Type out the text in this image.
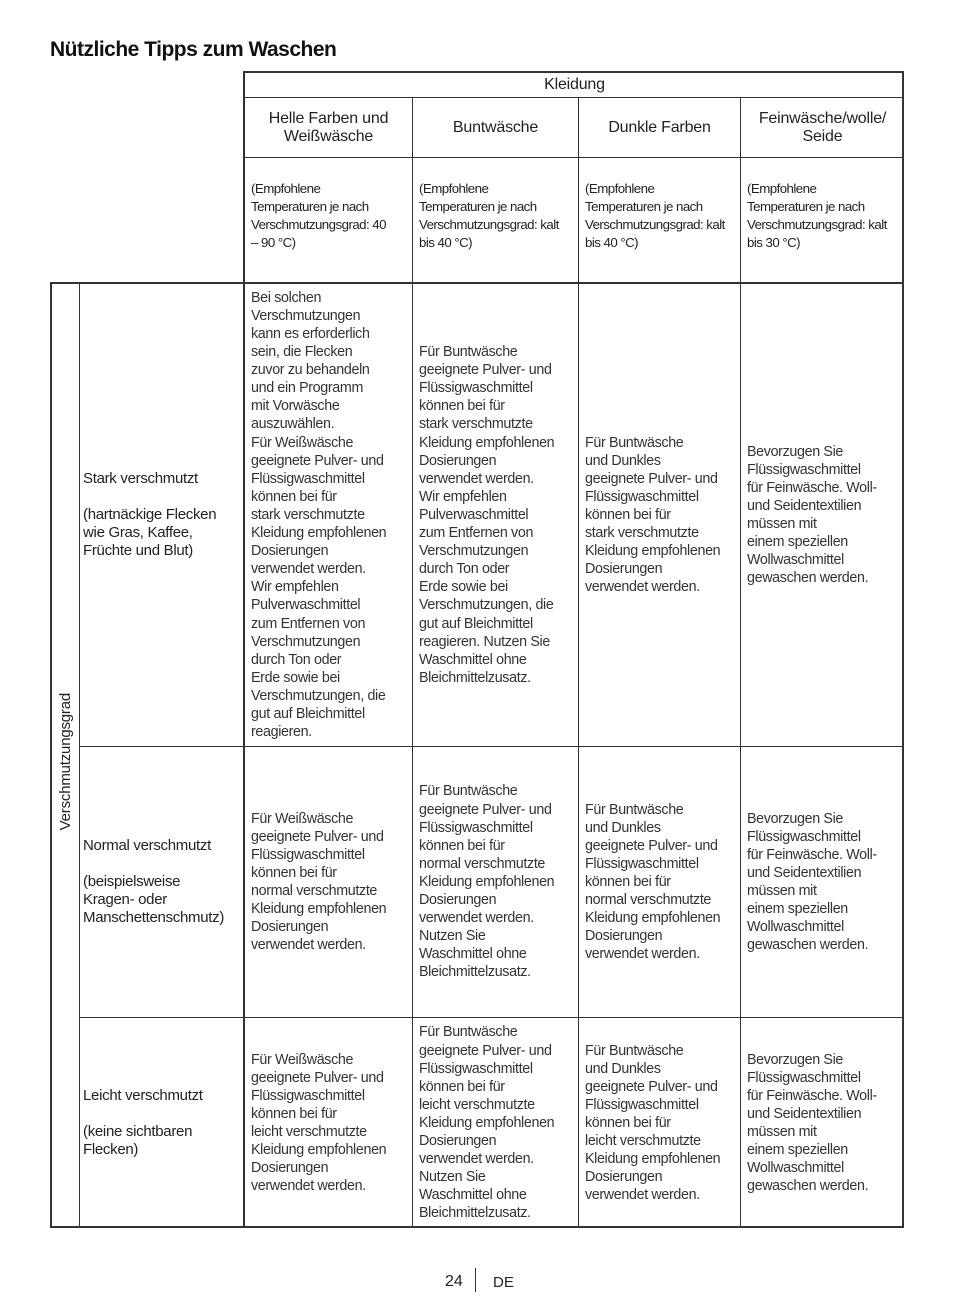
Nützliche Tipps zum Waschen
Kleidung
Helle Farben und
Weißwäsche
Buntwäsche	Dunkle Farben
Feinwäsche/wolle/
Seide
(Empfohlene
Temperaturen je nach
Verschmutzungsgrad: 40
– 90 °C)
(Empfohlene
Temperaturen je nach
Verschmutzungsgrad: kalt
bis 40 °C)
(Empfohlene
Temperaturen je nach
Verschmutzungsgrad: kalt
bis 40 °C)
(Empfohlene
Temperaturen je nach
Verschmutzungsgrad: kalt
bis 30 °C)
Verschmutzungsgrad
Stark verschmutzt
(hartnäckige Flecken
wie Gras, Kaffee,
Früchte und Blut)
Bei solchen
Verschmutzungen
kann es erforderlich
sein, die Flecken
zuvor zu behandeln
und ein Programm
mit Vorwäsche
auszuwählen.
Für Weißwäsche
geeignete Pulver- und
Flüssigwaschmittel
können bei für
stark verschmutzte
Kleidung empfohlenen
Dosierungen
verwendet werden.
Wir empfehlen
Pulverwaschmittel
zum Entfernen von
Verschmutzungen
durch Ton oder
Erde sowie bei
Verschmutzungen, die
gut auf Bleichmittel
reagieren.
Für Buntwäsche
geeignete Pulver- und
Flüssigwaschmittel
können bei für
stark verschmutzte
Kleidung empfohlenen
Dosierungen
verwendet werden.
Wir empfehlen
Pulverwaschmittel
zum Entfernen von
Verschmutzungen
durch Ton oder
Erde sowie bei
Verschmutzungen, die
gut auf Bleichmittel
reagieren. Nutzen Sie
Waschmittel ohne
Bleichmittelzusatz.
Für Buntwäsche
und Dunkles
geeignete Pulver- und
Flüssigwaschmittel
können bei für
stark verschmutzte
Kleidung empfohlenen
Dosierungen
verwendet werden.
Bevorzugen Sie
Flüssigwaschmittel
für Feinwäsche. Woll-
und Seidentextilien
müssen mit
einem speziellen
Wollwaschmittel
gewaschen werden.
Normal verschmutzt
(beispielsweise
Kragen- oder
Manschettenschmutz)
Für Weißwäsche
geeignete Pulver- und
Flüssigwaschmittel
können bei für
normal verschmutzte
Kleidung empfohlenen
Dosierungen
verwendet werden.
Für Buntwäsche
geeignete Pulver- und
Flüssigwaschmittel
können bei für
normal verschmutzte
Kleidung empfohlenen
Dosierungen
verwendet werden.
Nutzen Sie
Waschmittel ohne
Bleichmittelzusatz.
Für Buntwäsche
und Dunkles
geeignete Pulver- und
Flüssigwaschmittel
können bei für
normal verschmutzte
Kleidung empfohlenen
Dosierungen
verwendet werden.
Bevorzugen Sie
Flüssigwaschmittel
für Feinwäsche. Woll-
und Seidentextilien
müssen mit
einem speziellen
Wollwaschmittel
gewaschen werden.
Leicht verschmutzt
(keine sichtbaren
Flecken)
Für Weißwäsche
geeignete Pulver- und
Flüssigwaschmittel
können bei für
leicht verschmutzte
Kleidung empfohlenen
Dosierungen
verwendet werden.
Für Buntwäsche
geeignete Pulver- und
Flüssigwaschmittel
können bei für
leicht verschmutzte
Kleidung empfohlenen
Dosierungen
verwendet werden.
Nutzen Sie
Waschmittel ohne
Bleichmittelzusatz.
Für Buntwäsche
und Dunkles
geeignete Pulver- und
Flüssigwaschmittel
können bei für
leicht verschmutzte
Kleidung empfohlenen
Dosierungen
verwendet werden.
Bevorzugen Sie
Flüssigwaschmittel
für Feinwäsche. Woll-
und Seidentextilien
müssen mit
einem speziellen
Wollwaschmittel
gewaschen werden.
24 DE
